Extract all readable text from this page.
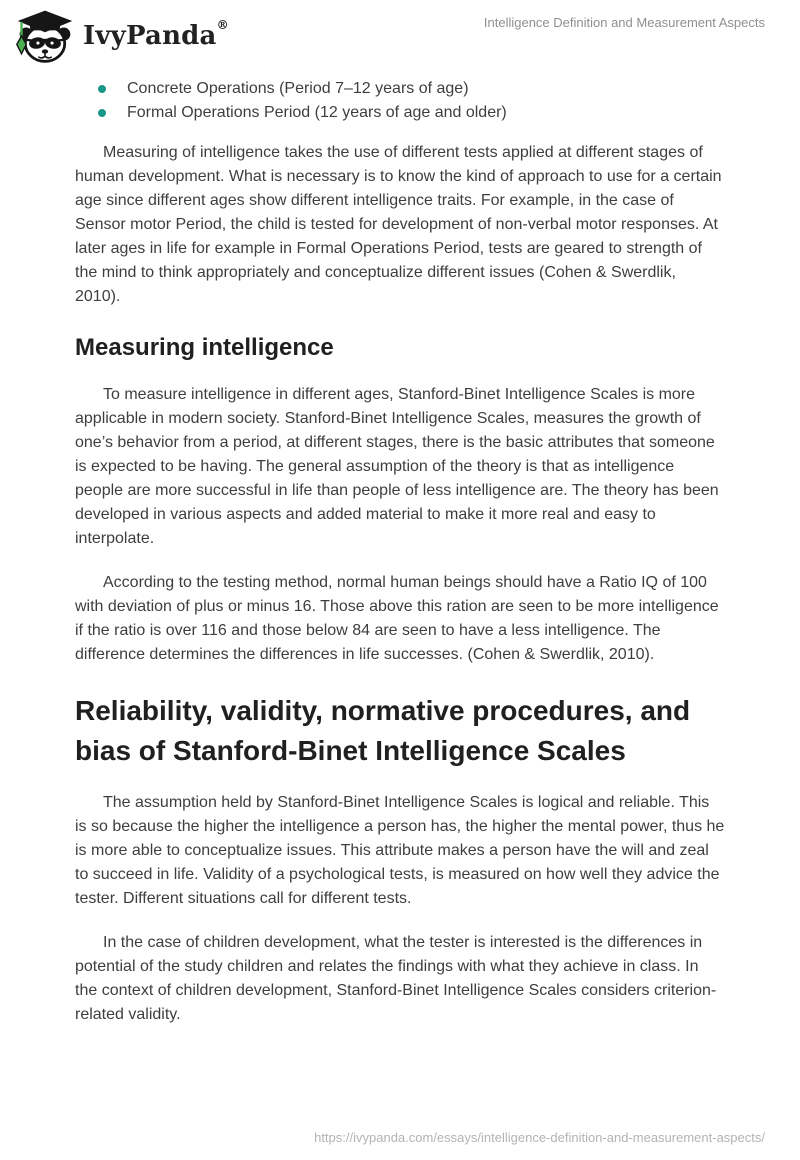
IvyPanda®	Intelligence Definition and Measurement Aspects
Concrete Operations (Period 7–12 years of age)
Formal Operations Period (12 years of age and older)

Measuring of intelligence takes the use of different tests applied at different stages of human development. What is necessary is to know the kind of approach to use for a certain age since different ages show different intelligence traits. For example, in the case of Sensor motor Period, the child is tested for development of non-verbal motor responses. At later ages in life for example in Formal Operations Period, tests are geared to strength of the mind to think appropriately and conceptualize different issues (Cohen & Swerdlik, 2010).

Measuring intelligence

To measure intelligence in different ages, Stanford-Binet Intelligence Scales is more applicable in modern society. Stanford-Binet Intelligence Scales, measures the growth of one’s behavior from a period, at different stages, there is the basic attributes that someone is expected to be having. The general assumption of the theory is that as intelligence people are more successful in life than people of less intelligence are. The theory has been developed in various aspects and added material to make it more real and easy to interpolate.

According to the testing method, normal human beings should have a Ratio IQ of 100 with deviation of plus or minus 16. Those above this ration are seen to be more intelligence if the ratio is over 116 and those below 84 are seen to have a less intelligence. The difference determines the differences in life successes. (Cohen & Swerdlik, 2010).

Reliability, validity, normative procedures, and bias of Stanford-Binet Intelligence Scales

The assumption held by Stanford-Binet Intelligence Scales is logical and reliable. This is so because the higher the intelligence a person has, the higher the mental power, thus he is more able to conceptualize issues. This attribute makes a person have the will and zeal to succeed in life. Validity of a psychological tests, is measured on how well they advice the tester. Different situations call for different tests.

In the case of children development, what the tester is interested is the differences in potential of the study children and relates the findings with what they achieve in class. In the context of children development, Stanford-Binet Intelligence Scales considers criterion-related validity.

https://ivypanda.com/essays/intelligence-definition-and-measurement-aspects/
